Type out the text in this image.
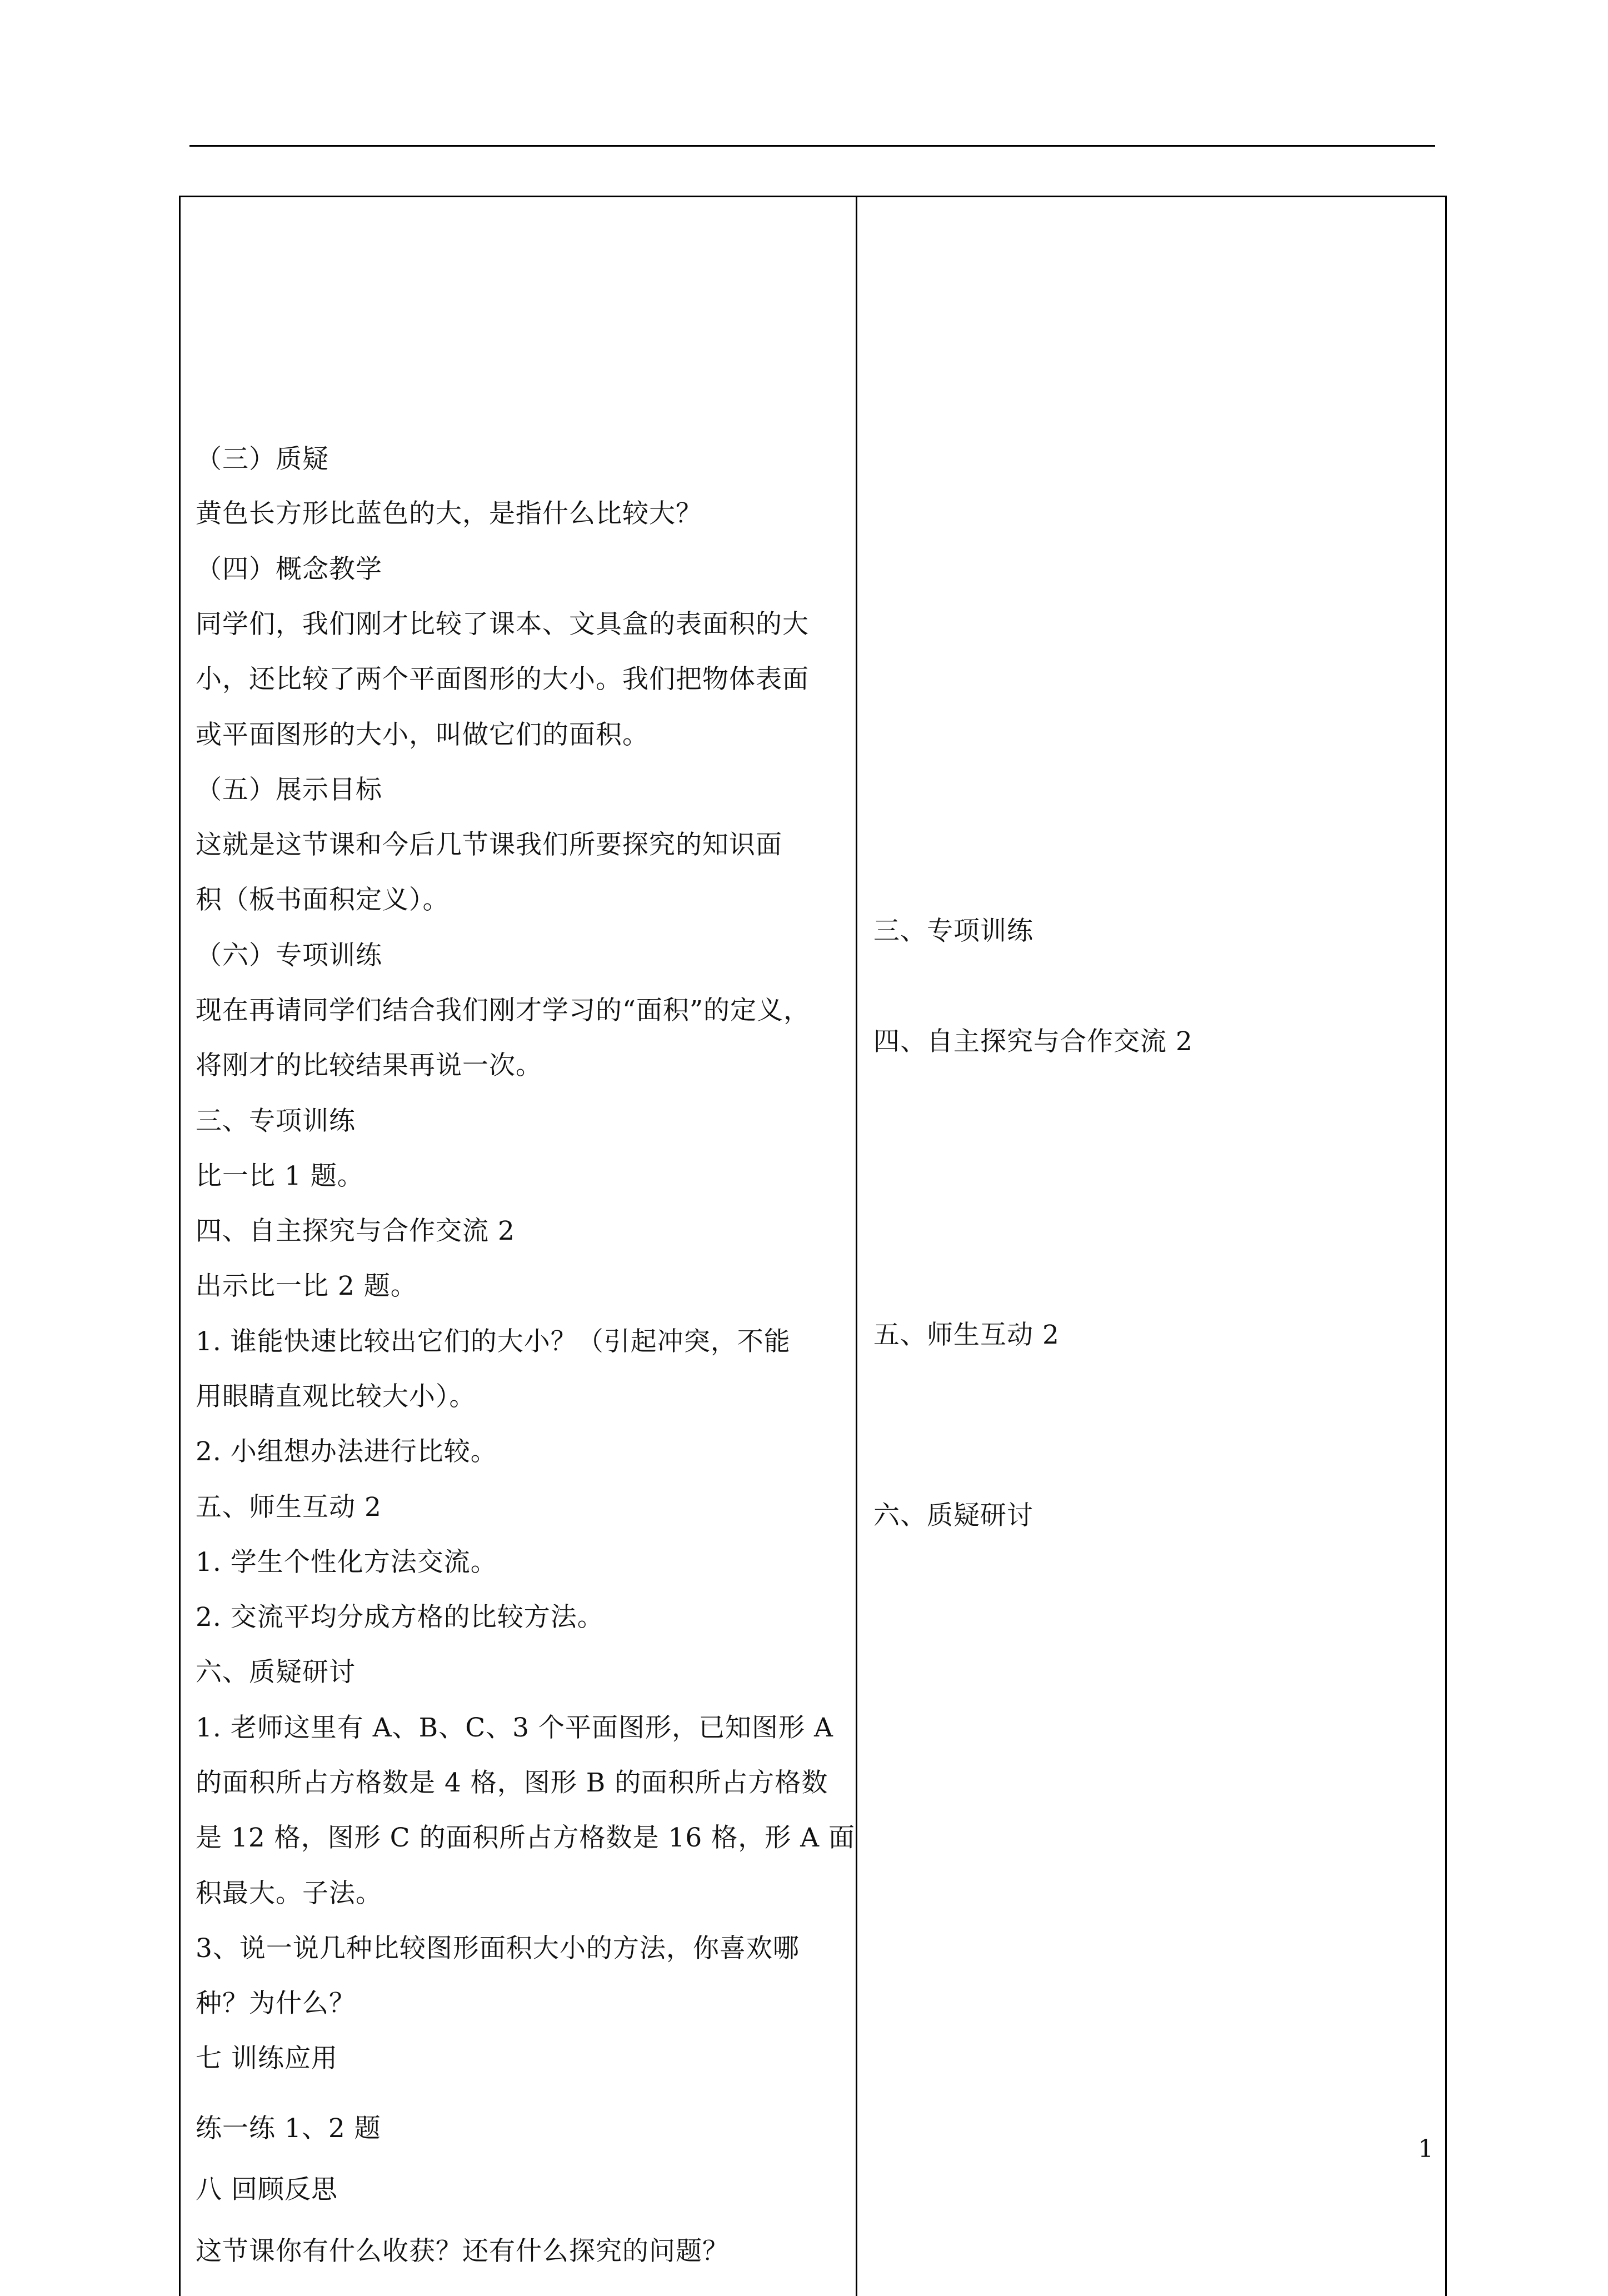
（三）质疑
黄色长方形比蓝色的大，是指什么比较大？
（四）概念教学
同学们，我们刚才比较了课本、文具盒的表面积的大
小，还比较了两个平面图形的大小。我们把物体表面
或平面图形的大小，叫做它们的面积。
（五）展示目标
这就是这节课和今后几节课我们所要探究的知识面
积（板书面积定义）。
（六）专项训练
现在再请同学们结合我们刚才学习的“面积”的定义，
将刚才的比较结果再说一次。
三、专项训练
比一比 1 题。
四、自主探究与合作交流 2
出示比一比 2 题。
1. 谁能快速比较出它们的大小？（引起冲突，不能
用眼睛直观比较大小）。
2. 小组想办法进行比较。
五、师生互动 2
1. 学生个性化方法交流。
2. 交流平均分成方格的比较方法。
六、质疑研讨
1. 老师这里有 A、B、C、3 个平面图形，已知图形 A
的面积所占方格数是 4 格，图形 B 的面积所占方格数
是 12 格，图形 C 的面积所占方格数是 16 格，形 A 面
积最大。子法。
3、说一说几种比较图形面积大小的方法，你喜欢哪
种？为什么？
七 训练应用
练一练 1、2 题
八 回顾反思
这节课你有什么收获？还有什么探究的问题？
三、专项训练
四、自主探究与合作交流 2
五、师生互动 2
六、质疑研讨
1
